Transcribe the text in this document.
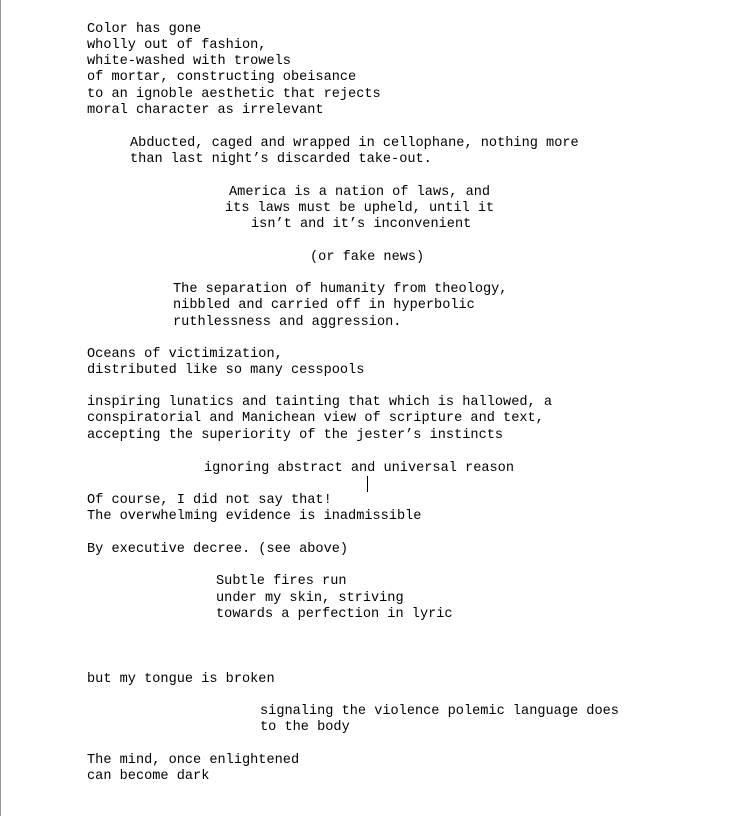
Color has gone
wholly out of fashion,
white-washed with trowels
of mortar, constructing obeisance
to an ignoble aesthetic that rejects
moral character as irrelevant
Abducted, caged and wrapped in cellophane, nothing more
than last night’s discarded take-out.
America is a nation of laws, and
its laws must be upheld, until it
isn’t and it’s inconvenient
(or fake news)
The separation of humanity from theology,
nibbled and carried off in hyperbolic
ruthlessness and aggression.
Oceans of victimization,
distributed like so many cesspools
inspiring lunatics and tainting that which is hallowed, a
conspiratorial and Manichean view of scripture and text,
accepting the superiority of the jester’s instincts
ignoring abstract and universal reason
Of course, I did not say that!
The overwhelming evidence is inadmissible
By executive decree. (see above)
Subtle fires run
under my skin, striving
towards a perfection in lyric
but my tongue is broken
signaling the violence polemic language does
to the body
The mind, once enlightened
can become dark
